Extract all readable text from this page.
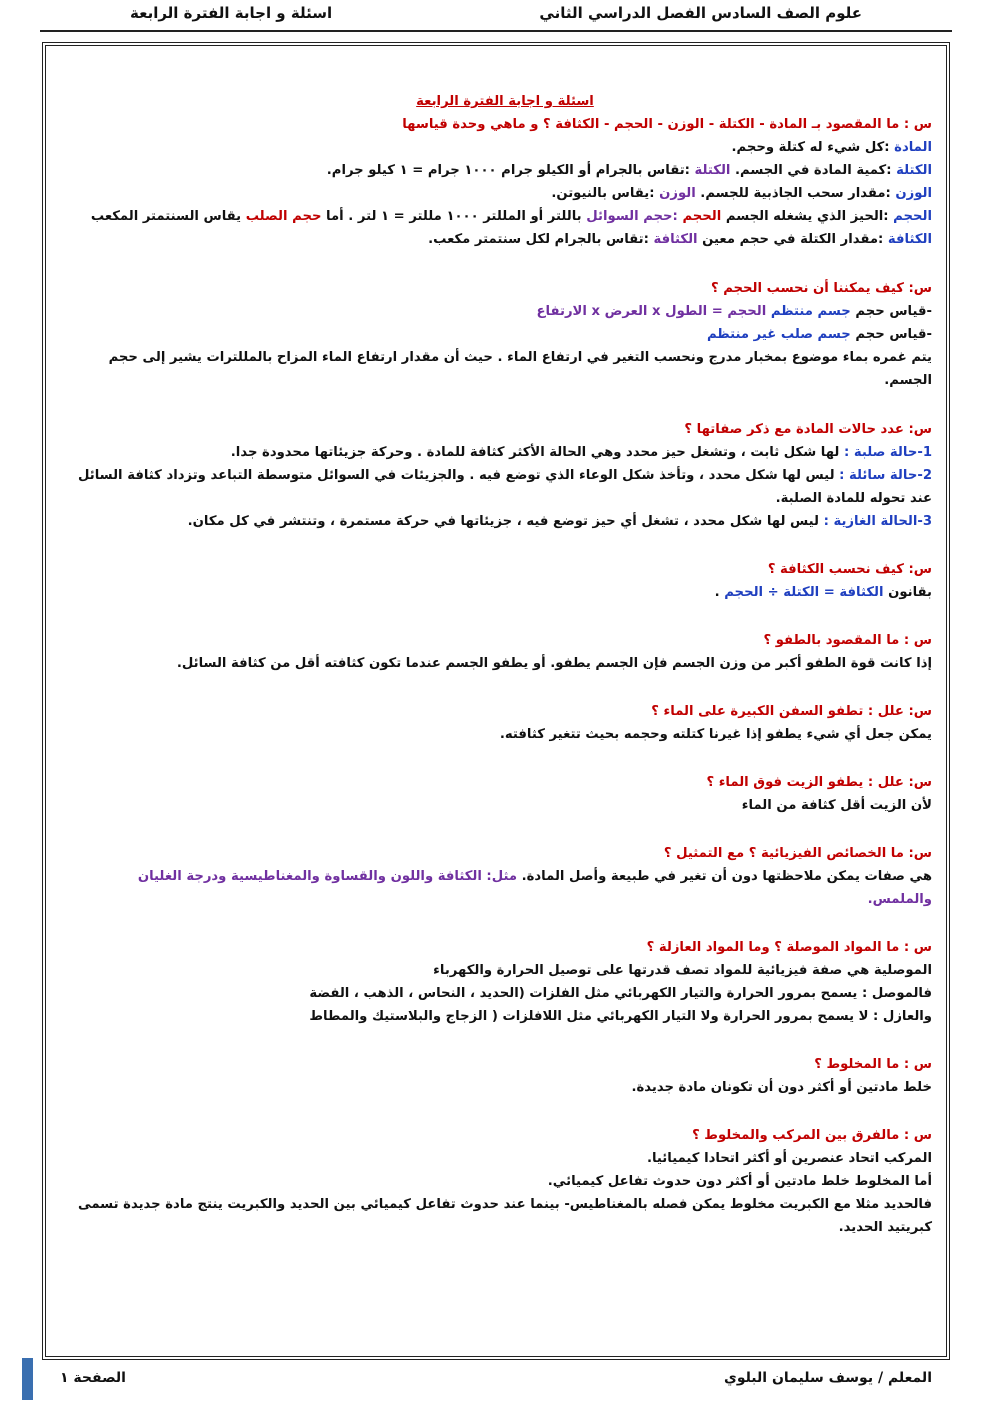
علوم الصف السادس الفصل الدراسي الثاني
اسئلة و اجابة الفترة الرابعة

اسئلة و اجابة الفترة الرابعة

س : ما المقصود بـ المادة - الكتلة - الوزن - الحجم - الكثافة ؟ و ماهي وحدة قياسها

المادة :كل شيء له كتلة وحجم.

الكتلة :كمية المادة في الجسم. الكتلة :تقاس بالجرام أو الكيلو جرام ١٠٠٠ جرام = ١ كيلو جرام.

الوزن :مقدار سحب الجاذبية للجسم. الوزن :يقاس بالنيوتن.

الحجم :الحيز الذي يشغله الجسم الحجم :حجم السوائل باللتر أو المللتر ١٠٠٠ مللتر = ١ لتر . أما حجم الصلب يقاس السنتمتر المكعب

الكثافة :مقدار الكتلة في حجم معين الكثافة :تقاس بالجرام لكل سنتمتر مكعب.

س: كيف يمكننا أن نحسب الحجم ؟

-قياس حجم جسم منتظم الحجم = الطول x العرض x الارتفاع

-قياس حجم جسم صلب غير منتظم

يتم غمره بماء موضوع بمخبار مدرج ونحسب التغير في ارتفاع الماء . حيث أن مقدار ارتفاع الماء المزاح بالمللترات يشير إلى حجم الجسم.

س: عدد حالات المادة مع ذكر صفاتها ؟

1-حالة صلبة : لها شكل ثابت ، وتشغل حيز محدد وهي الحالة الأكثر كثافة للمادة . وحركة جزيئاتها محدودة جدا.

2-حالة سائلة : ليس لها شكل محدد ، وتأخذ شكل الوعاء الذي توضع فيه . والجزيئات في السوائل متوسطة التباعد وتزداد كثافة السائل عند تحوله للمادة الصلبة.

3-الحالة الغازية : ليس لها شكل محدد ، تشغل أي حيز توضع فيه ، جزيئاتها في حركة مستمرة ، وتنتشر في كل مكان.

س: كيف نحسب الكثافة ؟

بقانون الكثافة = الكتلة ÷ الحجم .

س : ما المقصود بالطفو ؟

إذا كانت قوة الطفو أكبر من وزن الجسم فإن الجسم يطفو. أو يطفو الجسم عندما تكون كثافته أقل من كثافة السائل.

س: علل : تطفو السفن الكبيرة على الماء ؟

يمكن جعل أي شيء يطفو إذا غيرنا كتلته وحجمه بحيث تتغير كثافته.

س: علل : يطفو الزيت فوق الماء ؟

لأن الزيت أقل كثافة من الماء

س: ما الخصائص الفيزيائية ؟ مع التمثيل ؟

هي صفات يمكن ملاحظتها دون أن تغير في طبيعة وأصل المادة. مثل: الكثافة واللون والقساوة والمغناطيسية ودرجة الغليان والملمس.

س : ما المواد الموصلة ؟ وما المواد العازلة ؟

الموصلية هي صفة فيزيائية للمواد تصف قدرتها على توصيل الحرارة والكهرباء

فالموصل : يسمح بمرور الحرارة والتيار الكهربائي مثل الفلزات (الحديد ، النحاس ، الذهب ، الفضة

والعازل : لا يسمح بمرور الحرارة ولا التيار الكهربائي مثل اللافلزات ( الزجاج والبلاستيك والمطاط

س : ما المخلوط ؟

خلط مادتين أو أكثر دون أن تكونان مادة جديدة.

س : مالفرق بين المركب والمخلوط ؟

المركب اتحاد عنصرين أو أكثر اتحادا كيميائيا.

أما المخلوط خلط مادتين أو أكثر دون حدوث تفاعل كيميائي.

فالحديد مثلا مع الكبريت مخلوط يمكن فصله بالمغناطيس- بينما عند حدوث تفاعل كيميائي بين الحديد والكبريت ينتج مادة جديدة تسمى كبريتيد الحديد.

المعلم / يوسف سليمان البلوي
الصفحة ١
